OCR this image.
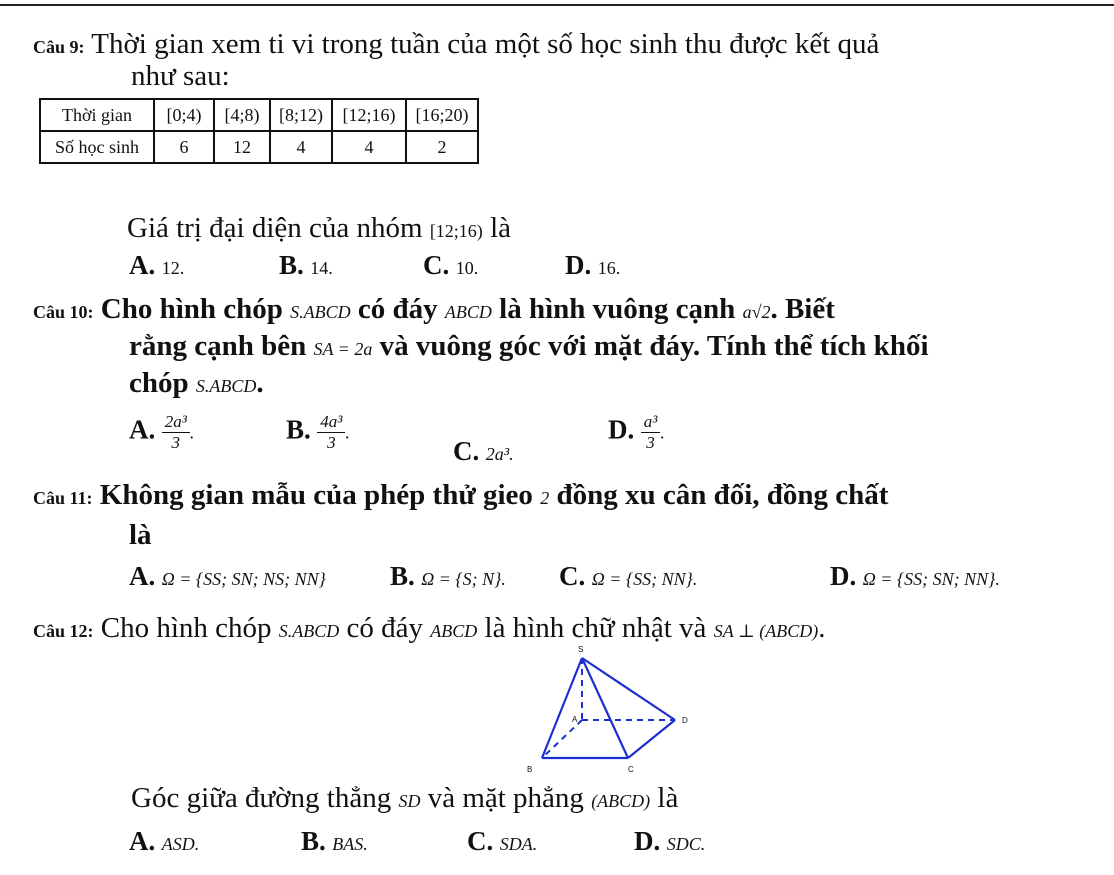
Câu 9: Thời gian xem ti vi trong tuần của một số học sinh thu được kết quả
như sau:
Thời gian	[0;4)	[4;8)	[8;12)	[12;16)	[16;20)
Số học sinh	6	12	4	4	2
Giá trị đại diện của nhóm [12;16) là
A. 12.	B. 14.	C. 10.	D. 16.
Câu 10: Cho hình chóp S.ABCD có đáy ABCD là hình vuông cạnh a√2. Biết
rằng cạnh bên SA = 2a và vuông góc với mặt đáy. Tính thể tích khối
chóp S.ABCD.
A. $\frac{\text{2a³}}{3}$ .	B. $\frac{\text{4a³}}{3}$ .
C. 2a³.
D. $\frac{\text{a³}}{3}$ .
Câu 11: Không gian mẫu của phép thử gieo 2 đồng xu cân đối, đồng chất
là
A. Ω = {SS; SN; NS; NN} B. Ω = {S; N}. C. Ω = {SS; NN}.	D. Ω = {SS; SN; NN}.
Câu 12: Cho hình chóp S.ABCD có đáy ABCD là hình chữ nhật và SA ⊥ (ABCD).
S
A
B	C
D
Góc giữa đường thẳng SD và mặt phẳng (ABCD) là
A. ASD.	B. BAS.	C. SDA.	D. SDC.
